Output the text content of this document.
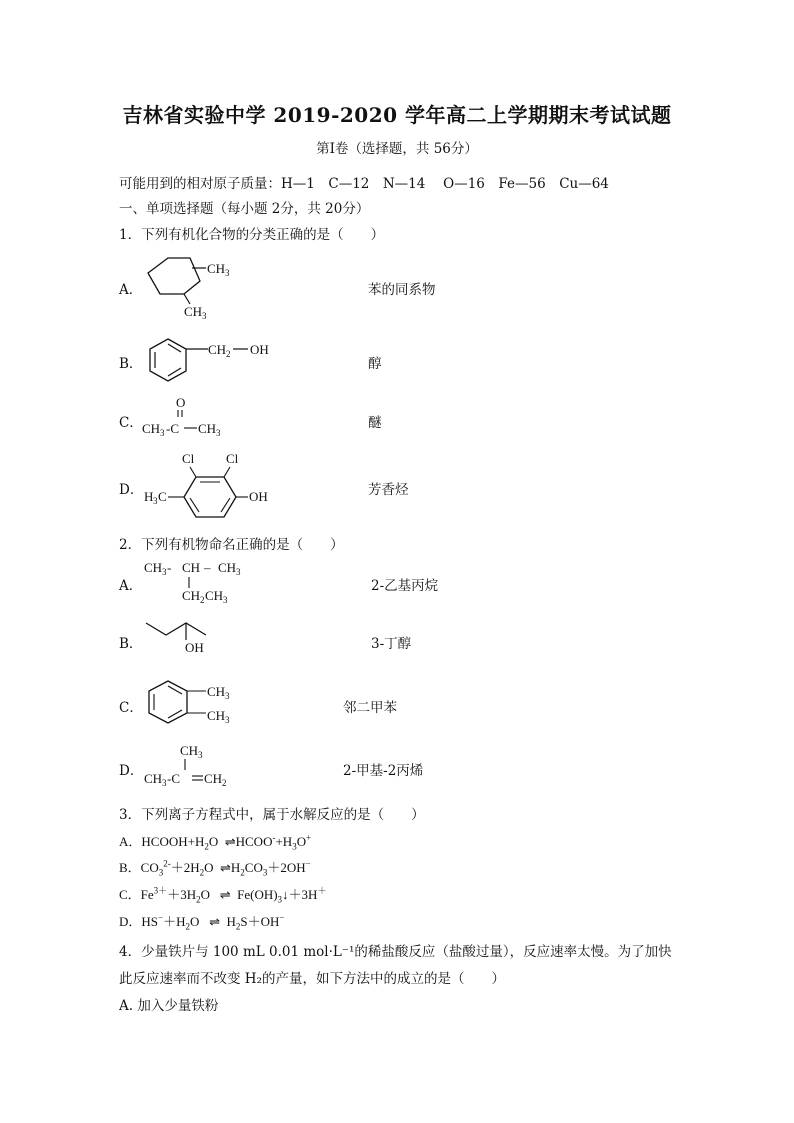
吉林省实验中学 2019-2020 学年高二上学期期末考试试题
第Ⅰ卷（选择题，共 56分）
可能用到的相对原子质量：H—1　C—12　N—14　 O—16　Fe—56　Cu—64
一、单项选择题（每小题 2分，共 20分）
1．下列有机化合物的分类正确的是（　　）
A．
CH 3
CH 3
苯的同系物
B．
CH 2 OH
醇
C．
O
CH 3 -C CH 3
醚
D．
Cl Cl
H 3 C	OH	芳香烃
2．下列有机物命名正确的是（　　）
A．
CH 3 - CH – CH 3
CH 2 CH 3
2-乙基丙烷
B．	OH	3-丁醇
C．
CH 3
CH 3
邻二甲苯
D．
CH 3
CH 3 -C CH 2
2-甲基-2丙烯
3．下列离子方程式中，属于水解反应的是（　　）
A．$HCOOH+H_2O$  $\rightleftharpoons HCOO^-+H_3O^+$
B．$CO_3^{2-}+2H_2O$  $\rightleftharpoons H_2CO_3+2OH^-$
C．$Fe^{3+}+3H_2O$   ⇌  $Fe(OH)_3↓+3H^+$
D．$HS^-+H_2O$   ⇌  $H_2S+OH^-$
4．少量铁片与 100 mL 0.01 mol·L⁻¹的稀盐酸反应（盐酸过量），反应速率太慢。为了加快
此反应速率而不改变 H₂的产量，如下方法中的成立的是（　　）
A. 加入少量铁粉
